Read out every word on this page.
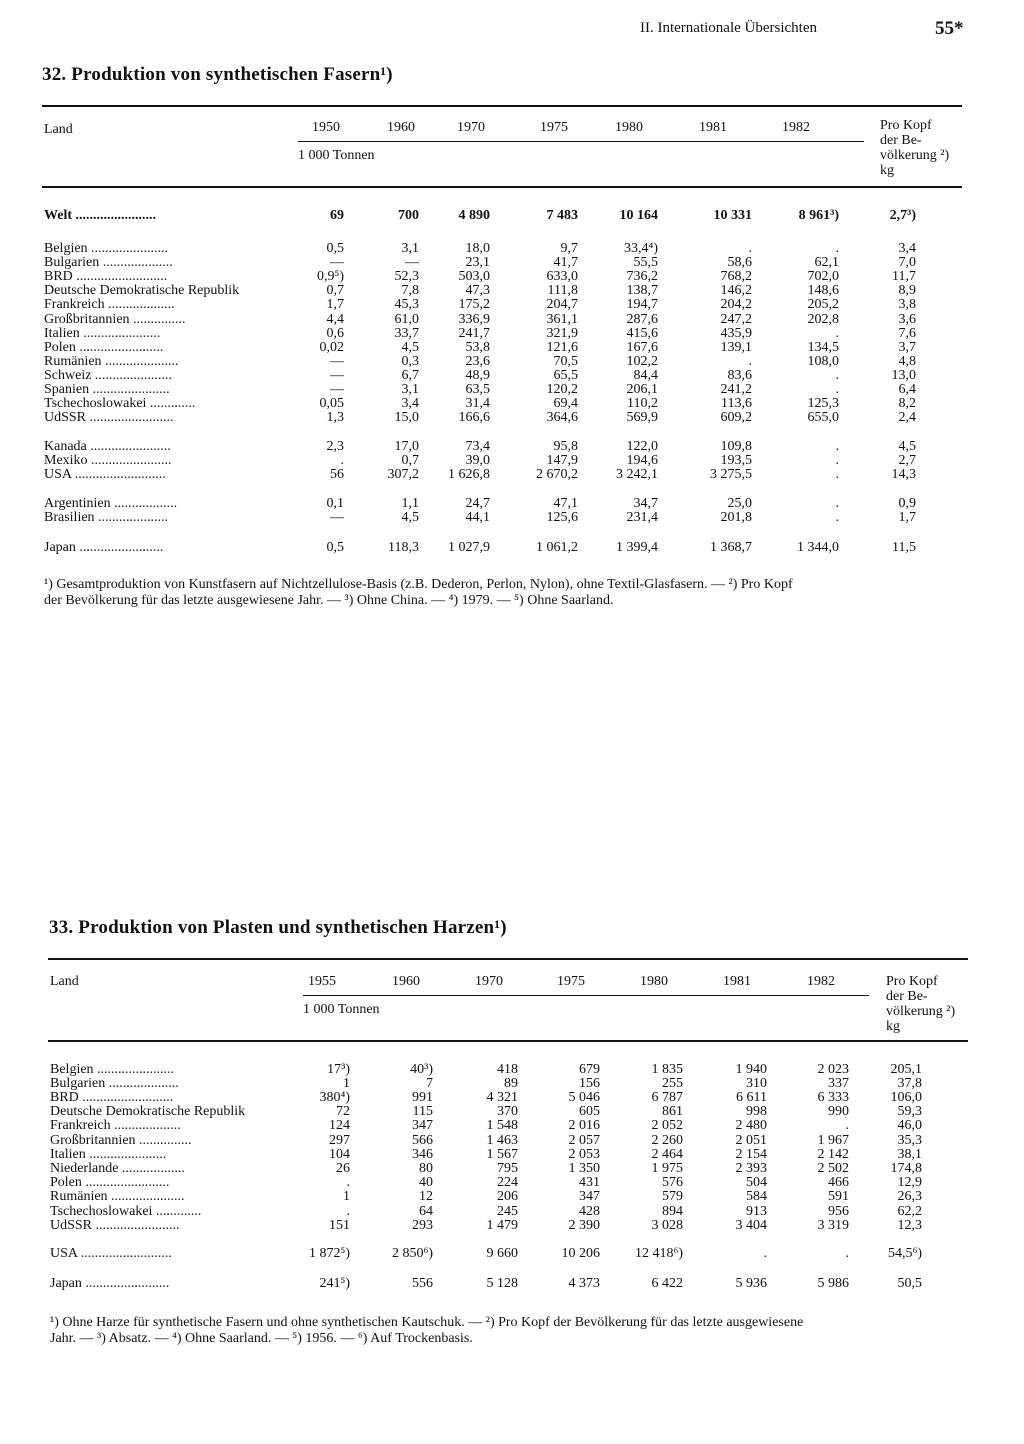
II. Internationale Übersichten	55*
32. Produktion von synthetischen Fasern¹)
Land	1950	1960	1970	1975	1980	1981	1982	Pro Kopf
der Be-
völkerung ²)
kg
1 000 Tonnen
Welt .......................	69	700	4 890	7 483	10 164	10 331	8 961³)	2,7³)
Belgien ......................	0,5	3,1	18,0	9,7	33,4⁴)	.	.	3,4
Bulgarien ....................	—	—	23,1	41,7	55,5	58,6	62,1	7,0
BRD ..........................	0,9⁵)	52,3	503,0	633,0	736,2	768,2	702,0	11,7
Deutsche Demokratische Republik	0,7	7,8	47,3	111,8	138,7	146,2	148,6	8,9
Frankreich ...................	1,7	45,3	175,2	204,7	194,7	204,2	205,2	3,8
Großbritannien ...............	4,4	61,0	336,9	361,1	287,6	247,2	202,8	3,6
Italien ......................	0,6	33,7	241,7	321,9	415,6	435,9	.	7,6
Polen ........................	0,02	4,5	53,8	121,6	167,6	139,1	134,5	3,7
Rumänien .....................	—	0,3	23,6	70,5	102,2	.	108,0	4,8
Schweiz ......................	—	6,7	48,9	65,5	84,4	83,6	.	13,0
Spanien ......................	—	3,1	63,5	120,2	206,1	241,2	.	6,4
Tschechoslowakei .............	0,05	3,4	31,4	69,4	110,2	113,6	125,3	8,2
UdSSR ........................	1,3	15,0	166,6	364,6	569,9	609,2	655,0	2,4
Kanada .......................	2,3	17,0	73,4	95,8	122,0	109,8	.	4,5
Mexiko .......................	.	0,7	39,0	147,9	194,6	193,5	.	2,7
USA ..........................	56	307,2	1 626,8	2 670,2	3 242,1	3 275,5	.	14,3
Argentinien ..................	0,1	1,1	24,7	47,1	34,7	25,0	.	0,9
Brasilien ....................	—	4,5	44,1	125,6	231,4	201,8	.	1,7
Japan ........................	0,5	118,3	1 027,9	1 061,2	1 399,4	1 368,7	1 344,0	11,5
¹) Gesamtproduktion von Kunstfasern auf Nichtzellulose-Basis (z.B. Dederon, Perlon, Nylon), ohne Textil-Glasfasern. — ²) Pro Kopf
der Bevölkerung für das letzte ausgewiesene Jahr. — ³) Ohne China. — ⁴) 1979. — ⁵) Ohne Saarland.
33. Produktion von Plasten und synthetischen Harzen¹)
Land	1955	1960	1970	1975	1980	1981	1982	Pro Kopf
der Be-
völkerung ²)
kg
1 000 Tonnen
Belgien ......................	17³)	40³)	418	679	1 835	1 940	2 023	205,1
Bulgarien ....................	1	7	89	156	255	310	337	37,8
BRD ..........................	380⁴)	991	4 321	5 046	6 787	6 611	6 333	106,0
Deutsche Demokratische Republik	72	115	370	605	861	998	990	59,3
Frankreich ...................	124	347	1 548	2 016	2 052	2 480	.	46,0
Großbritannien ...............	297	566	1 463	2 057	2 260	2 051	1 967	35,3
Italien ......................	104	346	1 567	2 053	2 464	2 154	2 142	38,1
Niederlande ..................	26	80	795	1 350	1 975	2 393	2 502	174,8
Polen ........................	.	40	224	431	576	504	466	12,9
Rumänien .....................	1	12	206	347	579	584	591	26,3
Tschechoslowakei .............	.	64	245	428	894	913	956	62,2
UdSSR ........................	151	293	1 479	2 390	3 028	3 404	3 319	12,3
USA ..........................	1 872⁵)	2 850⁶)	9 660	10 206	12 418⁶)	.	.	54,5⁶)
Japan ........................	241⁵)	556	5 128	4 373	6 422	5 936	5 986	50,5
¹) Ohne Harze für synthetische Fasern und ohne synthetischen Kautschuk. — ²) Pro Kopf der Bevölkerung für das letzte ausgewiesene
Jahr. — ³) Absatz. — ⁴) Ohne Saarland. — ⁵) 1956. — ⁶) Auf Trockenbasis.
